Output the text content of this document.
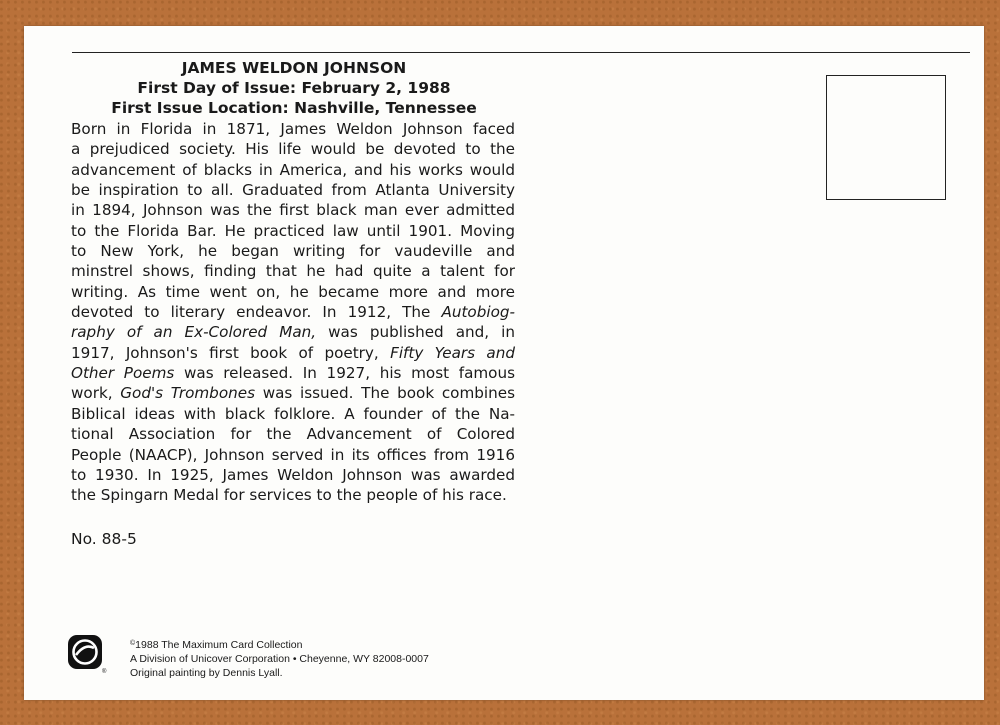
JAMES WELDON JOHNSON
First Day of Issue: February 2, 1988
First Issue Location: Nashville, Tennessee
Born in Florida in 1871, James Weldon Johnson faced
a prejudiced society. His life would be devoted to the
advancement of blacks in America, and his works would
be inspiration to all. Graduated from Atlanta University
in 1894, Johnson was the first black man ever admitted
to the Florida Bar. He practiced law until 1901. Moving
to New York, he began writing for vaudeville and
minstrel shows, finding that he had quite a talent for
writing. As time went on, he became more and more
devoted to literary endeavor. In 1912, The Autobiog-
raphy of an Ex-Colored Man, was published and, in
1917, Johnson's first book of poetry, Fifty Years and
Other Poems was released. In 1927, his most famous
work, God's Trombones was issued. The book combines
Biblical ideas with black folklore. A founder of the Na-
tional Association for the Advancement of Colored
People (NAACP), Johnson served in its offices from 1916
to 1930. In 1925, James Weldon Johnson was awarded
the Spingarn Medal for services to the people of his race.
No. 88-5
®
©1988 The Maximum Card Collection
A Division of Unicover Corporation • Cheyenne, WY 82008-0007
Original painting by Dennis Lyall.
